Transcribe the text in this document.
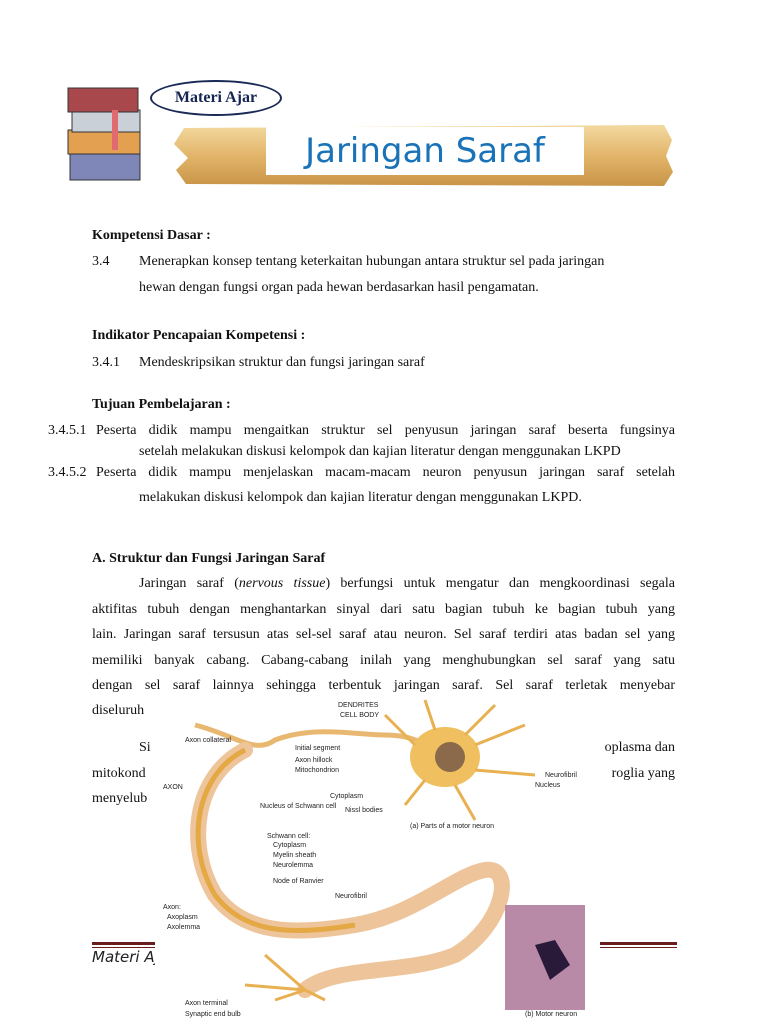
Materi Ajar
Jaringan Saraf
Kompetensi Dasar :
3.4 Menerapkan konsep tentang keterkaitan hubungan antara struktur sel pada jaringan
hewan dengan fungsi organ pada hewan berdasarkan hasil pengamatan.
Indikator Pencapaian Kompetensi :
3.4.1 Mendeskripsikan struktur dan fungsi jaringan saraf
Tujuan Pembelajaran :
3.4.5.1 Peserta didik mampu mengaitkan struktur sel penyusun jaringan saraf beserta fungsinya
setelah melakukan diskusi kelompok dan kajian literatur dengan menggunakan LKPD
3.4.5.2 Peserta didik mampu menjelaskan macam-macam neuron penyusun jaringan saraf setelah
melakukan diskusi kelompok dan kajian literatur dengan menggunakan LKPD.
A. Struktur dan Fungsi Jaringan Saraf
Jaringan saraf (nervous tissue) berfungsi untuk mengatur dan mengkoordinasi segala
aktifitas tubuh dengan menghantarkan sinyal dari satu bagian tubuh ke bagian tubuh yang
lain. Jaringan saraf tersusun atas sel-sel saraf atau neuron. Sel saraf terdiri atas badan sel yang
memiliki banyak cabang. Cabang-cabang inilah yang menghubungkan sel saraf yang satu
dengan sel saraf lainnya sehingga terbentuk jaringan saraf. Sel saraf terletak menyebar
diseluruh
Si	oplasma dan
mitokond	roglia yang
menyelub
Materi Aj
DENDRITES
CELL BODY
Axon collateral
Initial segment
Axon hillock
Mitochondrion
AXON
Nucleus of Schwann cell
Cytoplasm
Nissl bodies
Neurofibril
Nucleus
(a) Parts of a motor neuron
Schwann cell:
Cytoplasm
Myelin sheath
Neurolemma
Node of Ranvier
Neurofibril
Axon:
Axoplasm
Axolemma
Axon terminal
Synaptic end bulb	(b) Motor neuron
